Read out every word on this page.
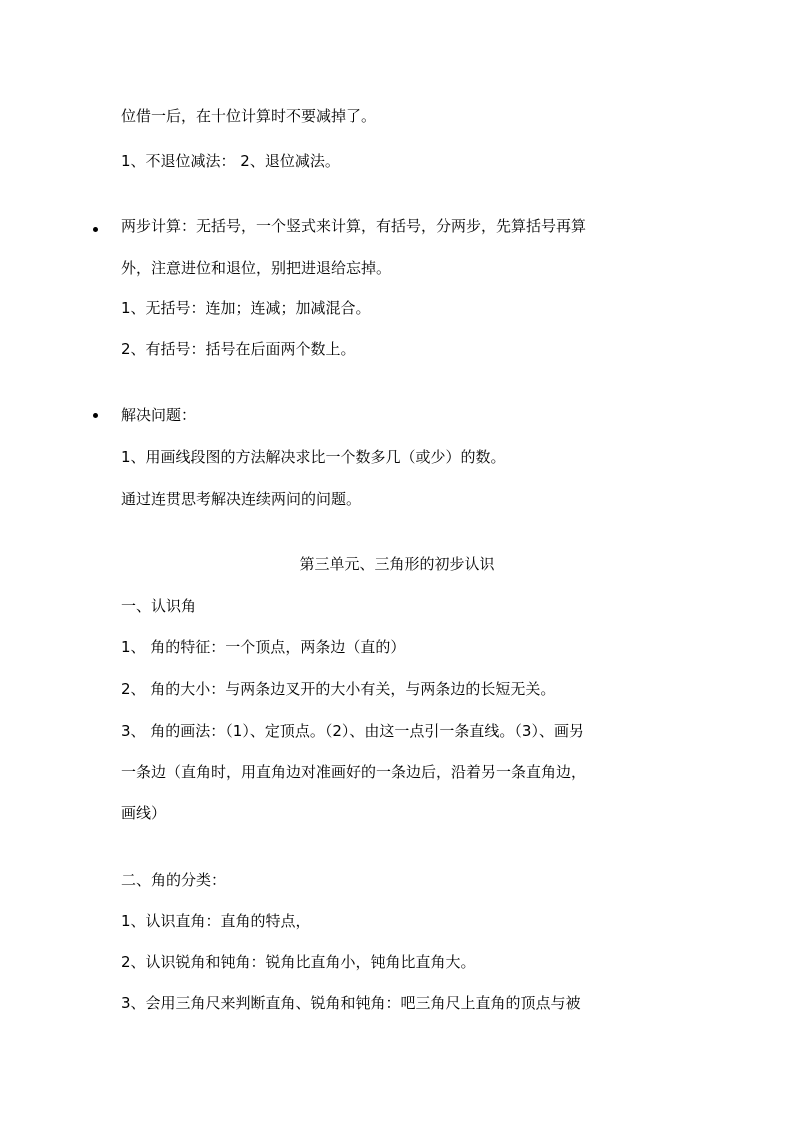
位借一后，在十位计算时不要减掉了。
1、不退位减法： 2、退位减法。
两步计算：无括号，一个竖式来计算，有括号，分两步，先算括号再算
外，注意进位和退位，别把进退给忘掉。
1、无括号：连加；连减；加减混合。
2、有括号：括号在后面两个数上。
解决问题：
1、用画线段图的方法解决求比一个数多几（或少）的数。
通过连贯思考解决连续两问的问题。
第三单元、三角形的初步认识
一、认识角
1、 角的特征：一个顶点，两条边（直的）
2、 角的大小：与两条边叉开的大小有关，与两条边的长短无关。
3、 角的画法：（1）、定顶点。（2）、由这一点引一条直线。（3）、画另
一条边（直角时，用直角边对准画好的一条边后，沿着另一条直角边，
画线）
二、角的分类：
1、认识直角：直角的特点，
2、认识锐角和钝角：锐角比直角小，钝角比直角大。
3、会用三角尺来判断直角、锐角和钝角：吧三角尺上直角的顶点与被
